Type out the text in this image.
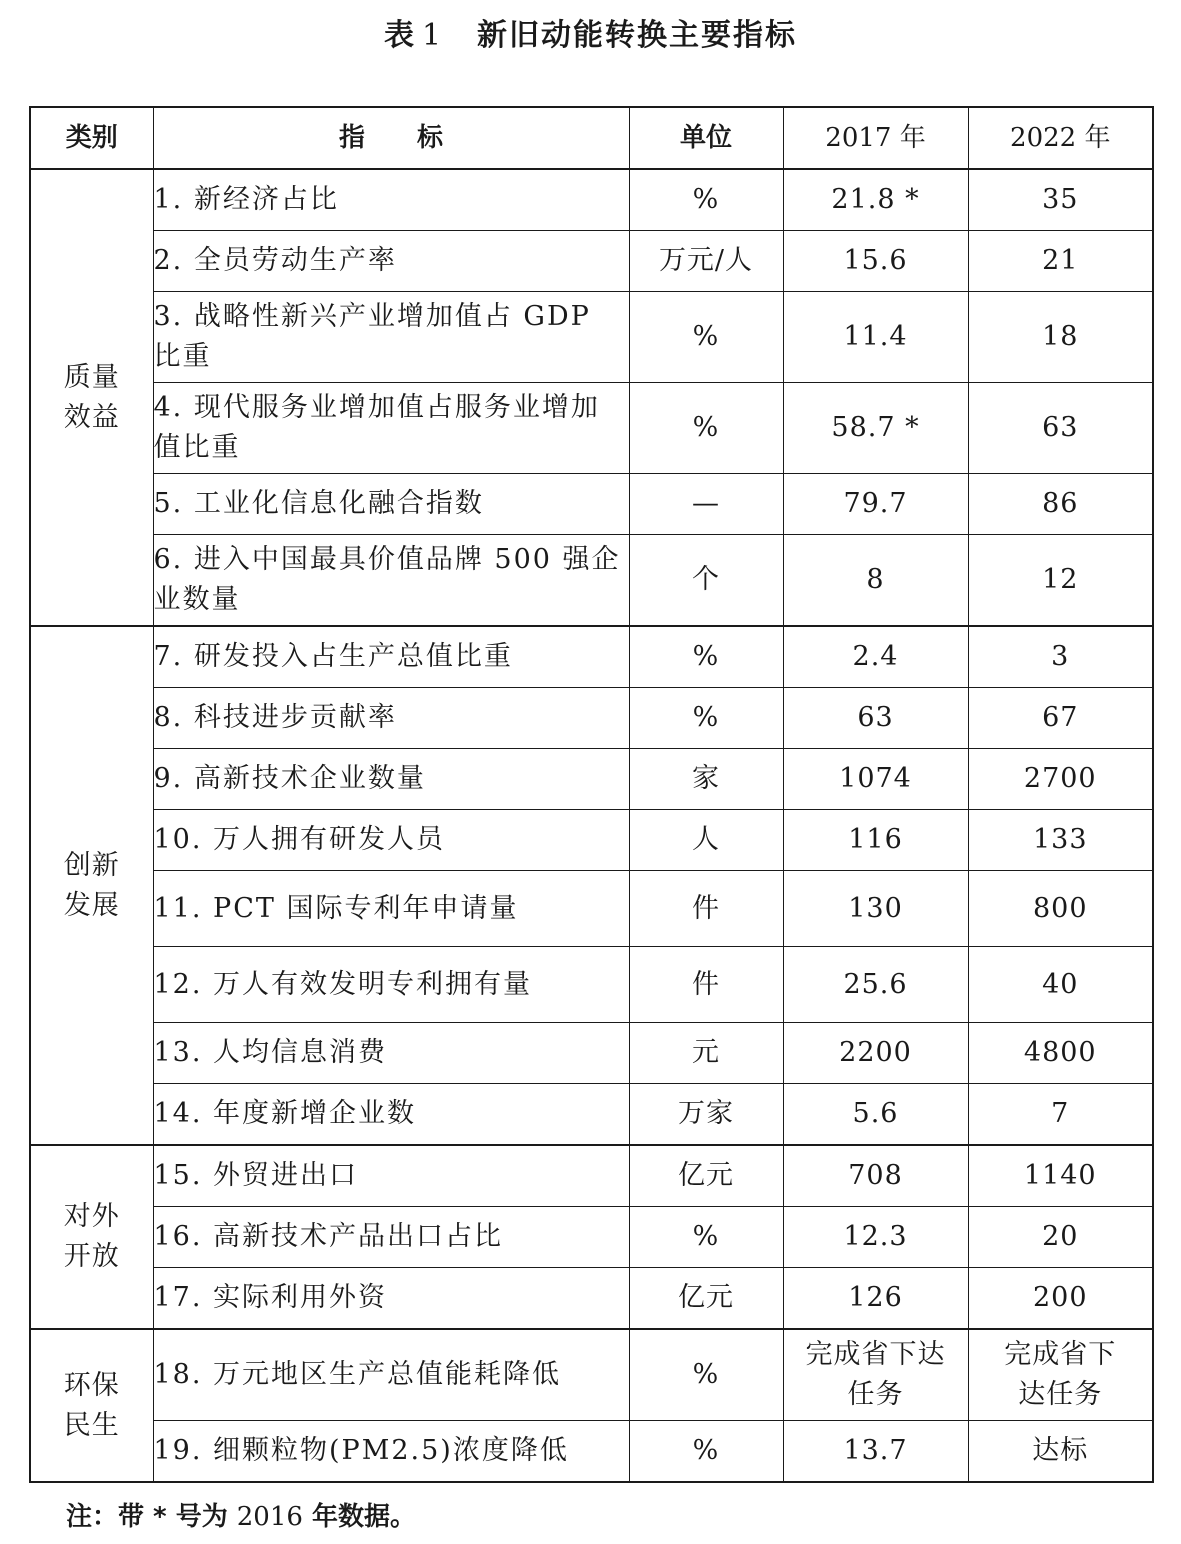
表 1 新旧动能转换主要指标
类别	指　　标	单位	2017 年	2022 年

质量
效益	1. 新经济占比	%	21.8 *	35
	2. 全员劳动生产率	万元/人	15.6	21
	3. 战略性新兴产业增加值占 GDP 比重	%	11.4	18
	4. 现代服务业增加值占服务业增加值比重	%	58.7 *	63
	5. 工业化信息化融合指数	—	79.7	86
	6. 进入中国最具价值品牌 500 强企业数量	个	8	12

创新
发展	7. 研发投入占生产总值比重	%	2.4	3
	8. 科技进步贡献率	%	63	67
	9. 高新技术企业数量	家	1074	2700
	10. 万人拥有研发人员	人	116	133
	11. PCT 国际专利年申请量	件	130	800
	12. 万人有效发明专利拥有量	件	25.6	40
	13. 人均信息消费	元	2200	4800
	14. 年度新增企业数	万家	5.6	7

对外
开放	15. 外贸进出口	亿元	708	1140
	16. 高新技术产品出口占比	%	12.3	20
	17. 实际利用外资	亿元	126	200

环保
民生	18. 万元地区生产总值能耗降低	%	完成省下达任务	完成省下达任务
	19. 细颗粒物(PM2.5)浓度降低	%	13.7	达标
注：带 * 号为 2016 年数据。
